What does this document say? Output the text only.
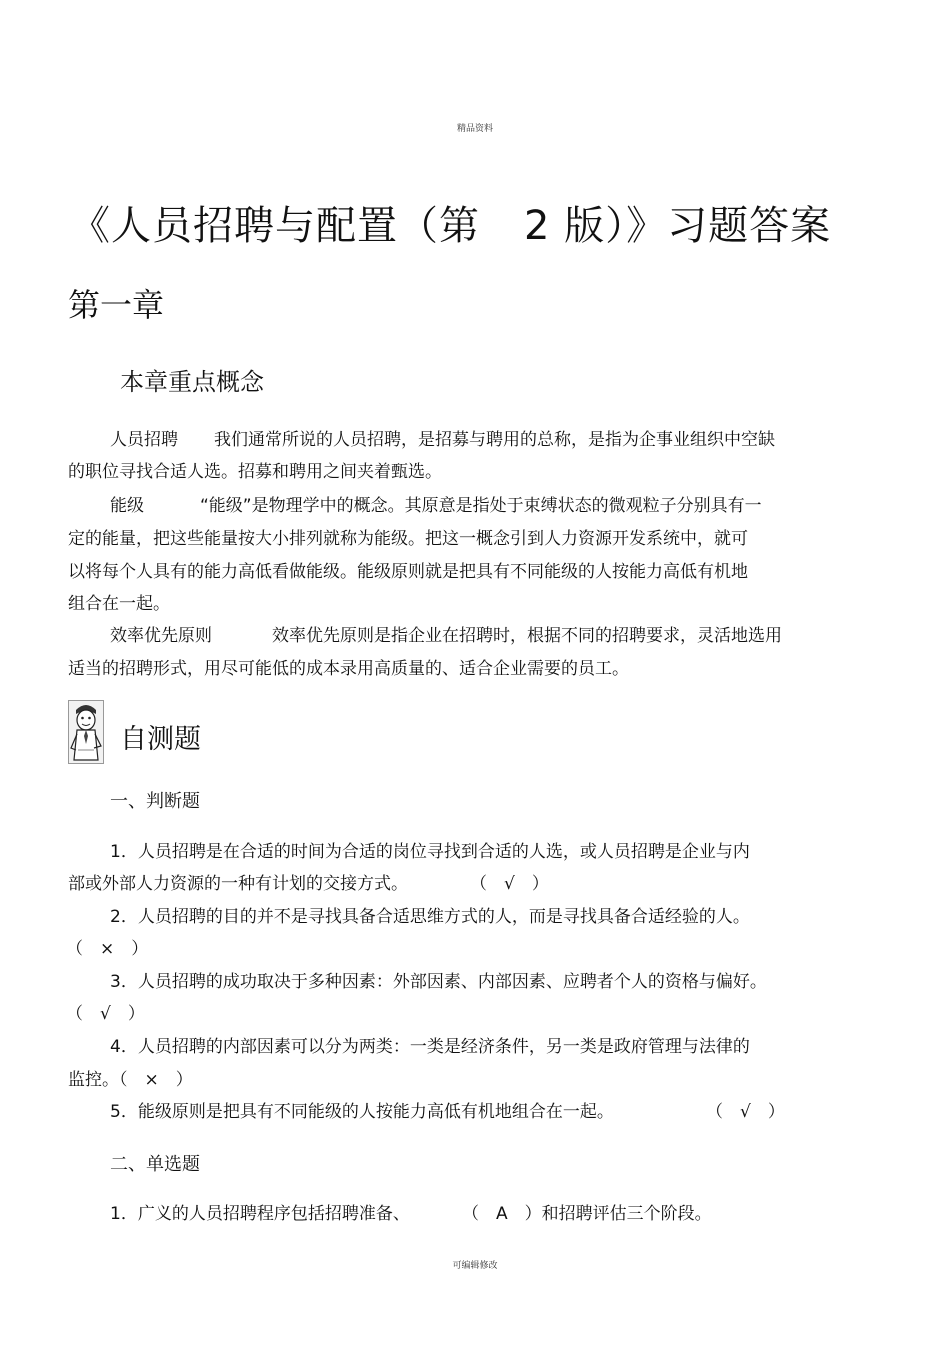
精品资料
《人员招聘与配置（第 2 版）》习题答案
第一章
本章重点概念
人员招聘 我们通常所说的人员招聘，是招募与聘用的总称，是指为企事业组织中空缺
的职位寻找合适人选。招募和聘用之间夹着甄选。
能级	“能级”是物理学中的概念。其原意是指处于束缚状态的微观粒子分别具有一
定的能量，把这些能量按大小排列就称为能级。把这一概念引到人力资源开发系统中，就可
以将每个人具有的能力高低看做能级。能级原则就是把具有不同能级的人按能力高低有机地
组合在一起。
效率优先原则	效率优先原则是指企业在招聘时，根据不同的招聘要求，灵活地选用
适当的招聘形式，用尽可能低的成本录用高质量的、适合企业需要的员工。
自测题
一、判断题
1．人员招聘是在合适的时间为合适的岗位寻找到合适的人选，或人员招聘是企业与内
部或外部人力资源的一种有计划的交接方式。	（　√　）
2．人员招聘的目的并不是寻找具备合适思维方式的人，而是寻找具备合适经验的人。
（　×　）
3．人员招聘的成功取决于多种因素：外部因素、内部因素、应聘者个人的资格与偏好。
（　√　）
4．人员招聘的内部因素可以分为两类：一类是经济条件，另一类是政府管理与法律的
监控。（　×　）
5．能级原则是把具有不同能级的人按能力高低有机地组合在一起。	（　√　）
二、单选题
1．广义的人员招聘程序包括招聘准备、	（　A　）和招聘评估三个阶段。
可编辑修改
